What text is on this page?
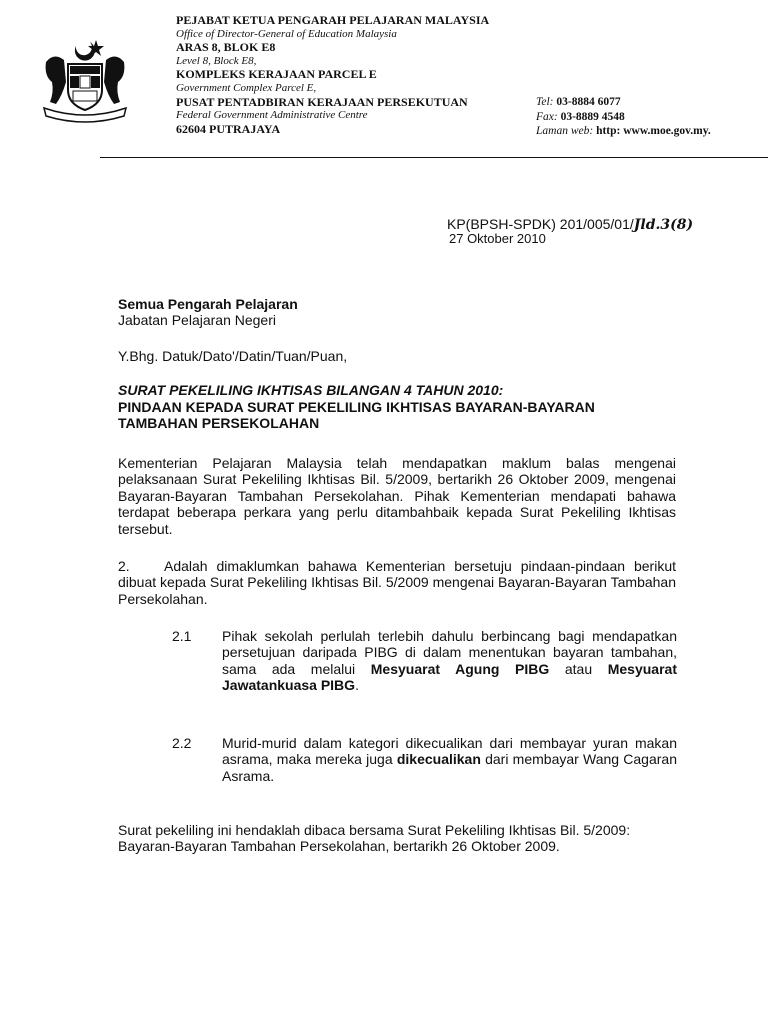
PEJABAT KETUA PENGARAH PELAJARAN MALAYSIA
Office of Director-General of Education Malaysia
ARAS 8, BLOK E8
Level 8, Block E8,
KOMPLEKS KERAJAAN PARCEL E
Government Complex Parcel E,
PUSAT PENTADBIRAN KERAJAAN PERSEKUTUAN
Federal Government Administrative Centre
62604 PUTRAJAYA
Tel: 03-8884 6077
Fax: 03-8889 4548
Laman web: http: www.moe.gov.my.
KP(BPSH-SPDK) 201/005/01/Jld.3(8)
27 Oktober 2010
Semua Pengarah Pelajaran
Jabatan Pelajaran Negeri
Y.Bhg. Datuk/Dato'/Datin/Tuan/Puan,
SURAT PEKELILING IKHTISAS BILANGAN 4 TAHUN 2010:
PINDAAN KEPADA SURAT PEKELILING IKHTISAS BAYARAN-BAYARAN
TAMBAHAN PERSEKOLAHAN
Kementerian Pelajaran Malaysia telah mendapatkan maklum balas mengenai pelaksanaan Surat Pekeliling Ikhtisas Bil. 5/2009, bertarikh 26 Oktober 2009, mengenai Bayaran-Bayaran Tambahan Persekolahan. Pihak Kementerian mendapati bahawa terdapat beberapa perkara yang perlu ditambahbaik kepada Surat Pekeliling Ikhtisas tersebut.
2. Adalah dimaklumkan bahawa Kementerian bersetuju pindaan-pindaan berikut dibuat kepada Surat Pekeliling Ikhtisas Bil. 5/2009 mengenai Bayaran-Bayaran Tambahan Persekolahan.
2.1 Pihak sekolah perlulah terlebih dahulu berbincang bagi mendapatkan persetujuan daripada PIBG di dalam menentukan bayaran tambahan, sama ada melalui Mesyuarat Agung PIBG atau Mesyuarat Jawatankuasa PIBG.
2.2 Murid-murid dalam kategori dikecualikan dari membayar yuran makan asrama, maka mereka juga dikecualikan dari membayar Wang Cagaran Asrama.
Surat pekeliling ini hendaklah dibaca bersama Surat Pekeliling Ikhtisas Bil. 5/2009: Bayaran-Bayaran Tambahan Persekolahan, bertarikh 26 Oktober 2009.
